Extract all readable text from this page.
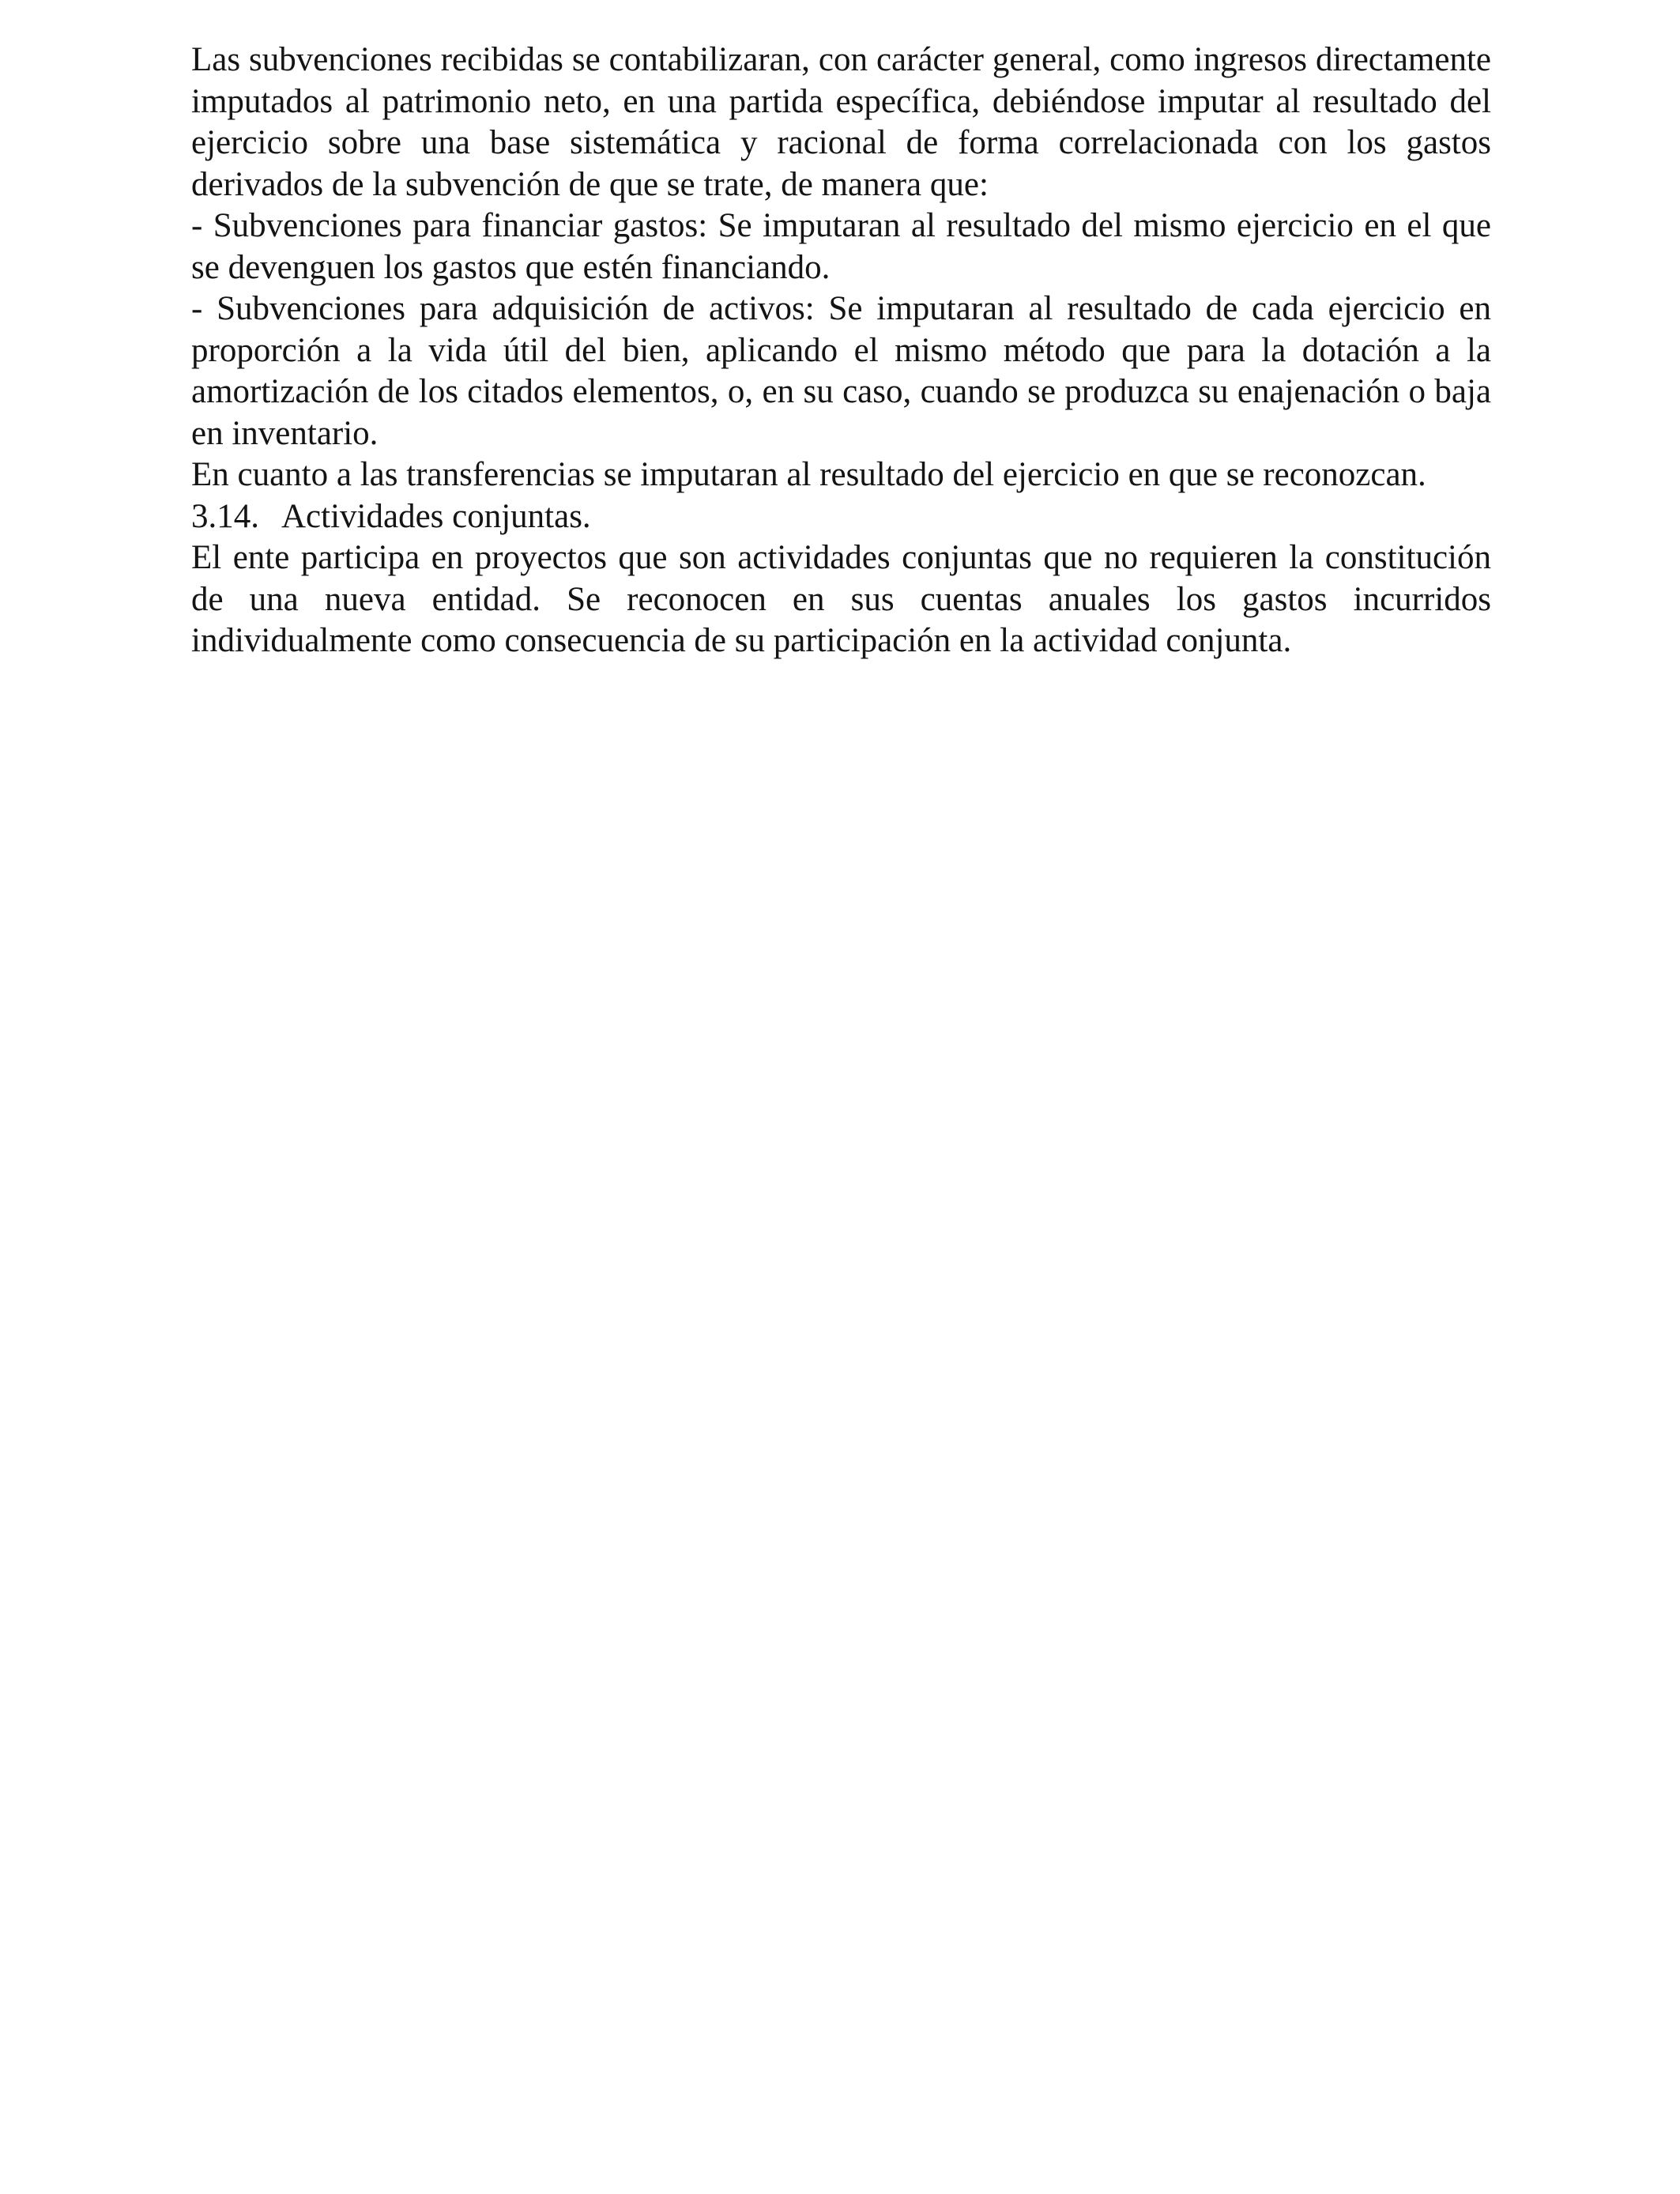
Las subvenciones recibidas se contabilizaran, con carácter general, como ingresos directamente imputados al patrimonio neto, en una partida específica, debiéndose imputar al resultado del ejercicio sobre una base sistemática y racional de forma correlacionada con los gastos derivados de la subvención de que se trate, de manera que:

- Subvenciones para financiar gastos: Se imputaran al resultado del mismo ejercicio en el que se devenguen los gastos que estén financiando.

- Subvenciones para adquisición de activos: Se imputaran al resultado de cada ejercicio en proporción a la vida útil del bien, aplicando el mismo método que para la dotación a la amortización de los citados elementos, o, en su caso, cuando se produzca su enajenación o baja en inventario.

En cuanto a las transferencias se imputaran al resultado del ejercicio en que se reconozcan.

3.14. Actividades conjuntas.

El ente participa en proyectos que son actividades conjuntas que no requieren la constitución de una nueva entidad. Se reconocen en sus cuentas anuales los gastos incurridos individualmente como consecuencia de su participación en la actividad conjunta.
